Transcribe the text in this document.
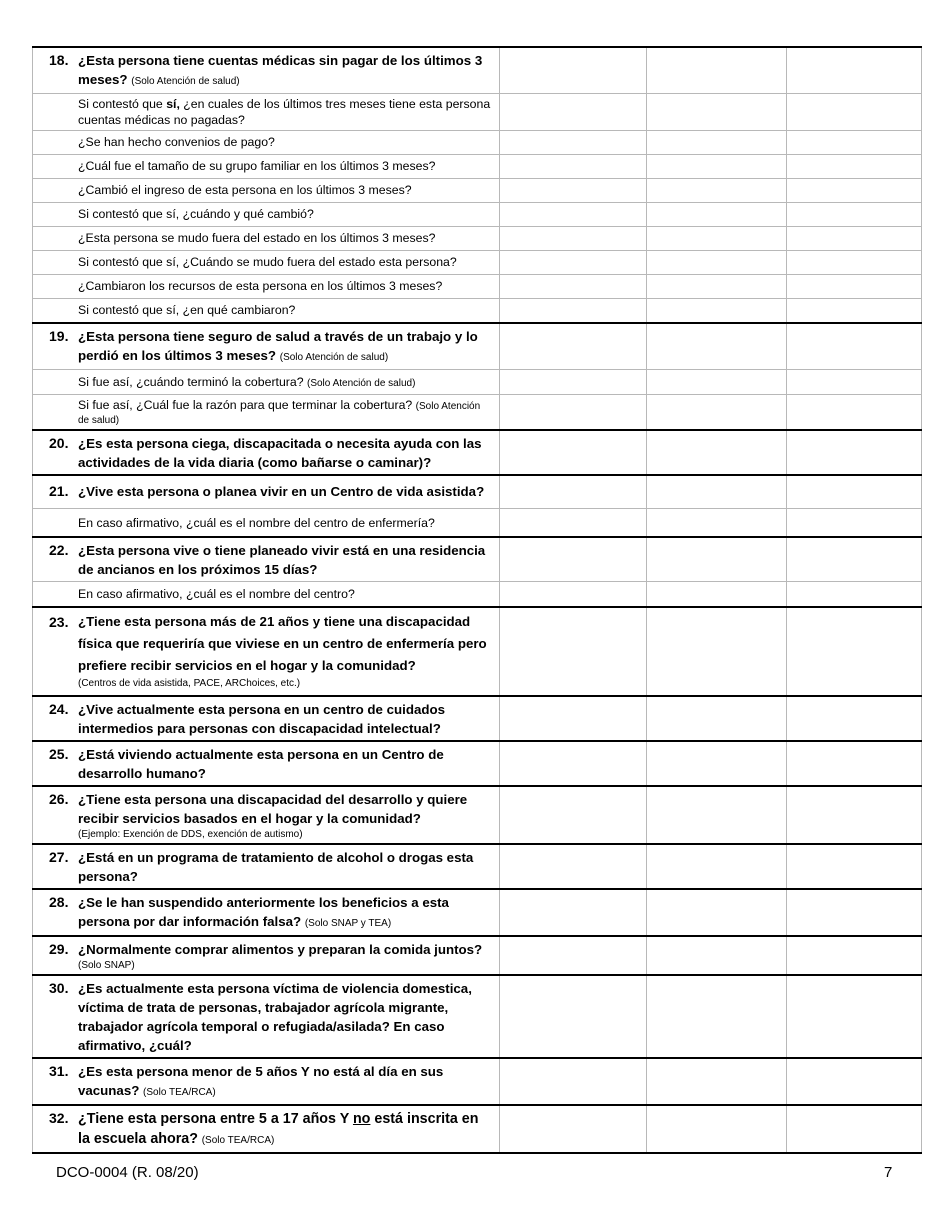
18. ¿Esta persona tiene cuentas médicas sin pagar de los últimos 3 meses? (Solo Atención de salud)			

Si contestó que sí, ¿en cuales de los últimos tres meses tiene esta persona cuentas médicas no pagadas?			

¿Se han hecho convenios de pago?			

¿Cuál fue el tamaño de su grupo familiar en los últimos 3 meses?			

¿Cambió el ingreso de esta persona en los últimos 3 meses?			

Si contestó que sí, ¿cuándo y qué cambió?			

¿Esta persona se mudo fuera del estado en los últimos 3 meses?			

Si contestó que sí, ¿Cuándo se mudo fuera del estado esta persona?			

¿Cambiaron los recursos de esta persona en los últimos 3 meses?			

Si contestó que sí, ¿en qué cambiaron?			

19. ¿Esta persona tiene seguro de salud a través de un trabajo y lo perdió en los últimos 3 meses? (Solo Atención de salud)			

Si fue así, ¿cuándo terminó la cobertura? (Solo Atención de salud)			

Si fue así, ¿Cuál fue la razón para que terminar la cobertura? (Solo Atención de salud)			

20. ¿Es esta persona ciega, discapacitada o necesita ayuda con las actividades de la vida diaria (como bañarse o caminar)?			

21. ¿Vive esta persona o planea vivir en un Centro de vida asistida?			

En caso afirmativo, ¿cuál es el nombre del centro de enfermería?			

22. ¿Esta persona vive o tiene planeado vivir está en una residencia de ancianos en los próximos 15 días?			

En caso afirmativo, ¿cuál es el nombre del centro?			

23. ¿Tiene esta persona más de 21 años y tiene una discapacidad física que requeriría que viviese en un centro de enfermería pero prefiere recibir servicios en el hogar y la comunidad?
(Centros de vida asistida, PACE, ARChoices, etc.)			

24. ¿Vive actualmente esta persona en un centro de cuidados intermedios para personas con discapacidad intelectual?			

25. ¿Está viviendo actualmente esta persona en un Centro de desarrollo humano?			

26. ¿Tiene esta persona una discapacidad del desarrollo y quiere recibir servicios basados en el hogar y la comunidad?
(Ejemplo: Exención de DDS, exención de autismo)			

27. ¿Está en un programa de tratamiento de alcohol o drogas esta persona?			

28. ¿Se le han suspendido anteriormente los beneficios a esta persona por dar información falsa? (Solo SNAP y TEA)			

29. ¿Normalmente comprar alimentos y preparan la comida juntos?
(Solo SNAP)			

30. ¿Es actualmente esta persona víctima de violencia domestica, víctima de trata de personas, trabajador agrícola migrante, trabajador agrícola temporal o refugiada/asilada? En caso afirmativo, ¿cuál?			

31. ¿Es esta persona menor de 5 años Y no está al día en sus vacunas? (Solo TEA/RCA)			

32. ¿Tiene esta persona entre 5 a 17 años Y no está inscrita en la escuela ahora? (Solo TEA/RCA)			

DCO-0004 (R. 08/20)	7
